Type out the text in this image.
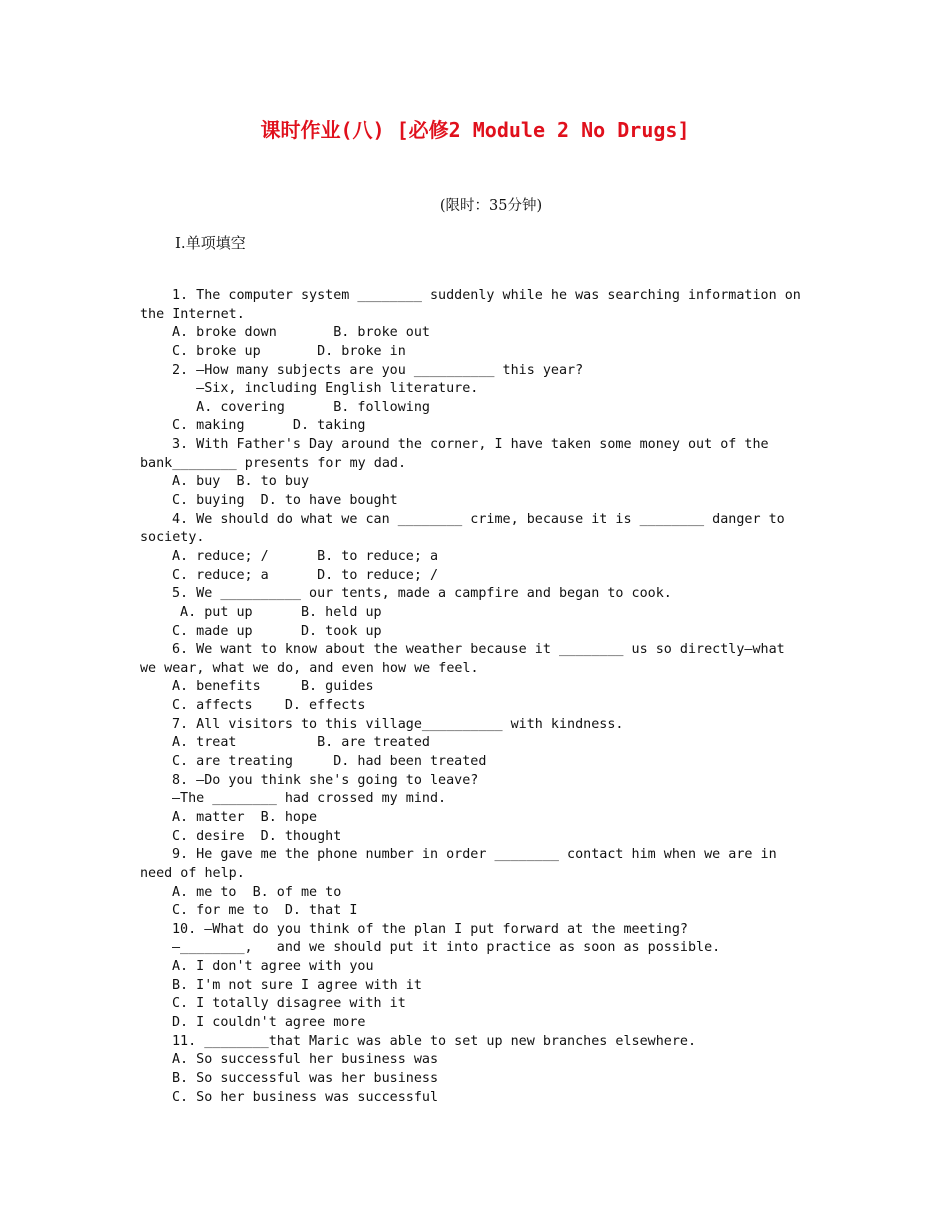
课时作业(八) [必修2 Module 2 No Drugs]
(限时：35分钟)
Ⅰ.单项填空
1. The computer system ________ suddenly while he was searching information on
the Internet.
A. broke down       B. broke out
C. broke up       D. broke in
2. —How many subjects are you __________ this year?
—Six, including English literature.
A. covering      B. following
C. making      D. taking
3. With Father's Day around the corner, I have taken some money out of the
bank________ presents for my dad.
A. buy  B. to buy
C. buying  D. to have bought
4. We should do what we can ________ crime, because it is ________ danger to
society.
A. reduce; /      B. to reduce; a
C. reduce; a      D. to reduce; /
5. We __________ our tents, made a campfire and began to cook.
A. put up      B. held up
C. made up      D. took up
6. We want to know about the weather because it ________ us so directly—what
we wear, what we do, and even how we feel.
A. benefits     B. guides
C. affects    D. effects
7. All visitors to this village__________ with kindness.
A. treat          B. are treated
C. are treating     D. had been treated
8. —Do you think she's going to leave?
—The ________ had crossed my mind.
A. matter  B. hope
C. desire  D. thought
9. He gave me the phone number in order ________ contact him when we are in
need of help.
A. me to  B. of me to
C. for me to  D. that I
10. —What do you think of the plan I put forward at the meeting?
—________,   and we should put it into practice as soon as possible.
A. I don't agree with you
B. I'm not sure I agree with it
C. I totally disagree with it
D. I couldn't agree more
11. ________that Maric was able to set up new branches elsewhere.
A. So successful her business was
B. So successful was her business
C. So her business was successful
